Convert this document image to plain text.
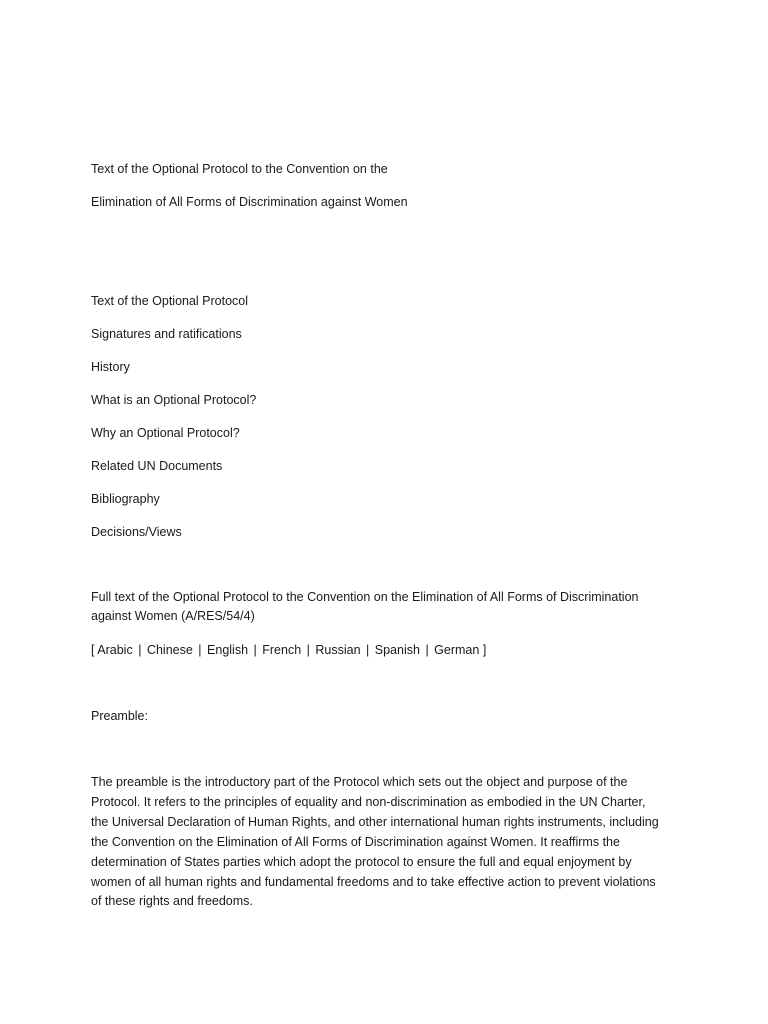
Text of the Optional Protocol to the Convention on the
Elimination of All Forms of Discrimination against Women
Text of the Optional Protocol
Signatures and ratifications
History
What is an Optional Protocol?
Why an Optional Protocol?
Related UN Documents
Bibliography
Decisions/Views
Full text of the Optional Protocol to the Convention on the Elimination of All Forms of Discrimination
against Women (A/RES/54/4)
[ Arabic | Chinese | English | French | Russian | Spanish | German ]
Preamble:
The preamble is the introductory part of the Protocol which sets out the object and purpose of the
Protocol. It refers to the principles of equality and non-discrimination as embodied in the UN Charter,
the Universal Declaration of Human Rights, and other international human rights instruments, including
the Convention on the Elimination of All Forms of Discrimination against Women. It reaffirms the
determination of States parties which adopt the protocol to ensure the full and equal enjoyment by
women of all human rights and fundamental freedoms and to take effective action to prevent violations
of these rights and freedoms.
